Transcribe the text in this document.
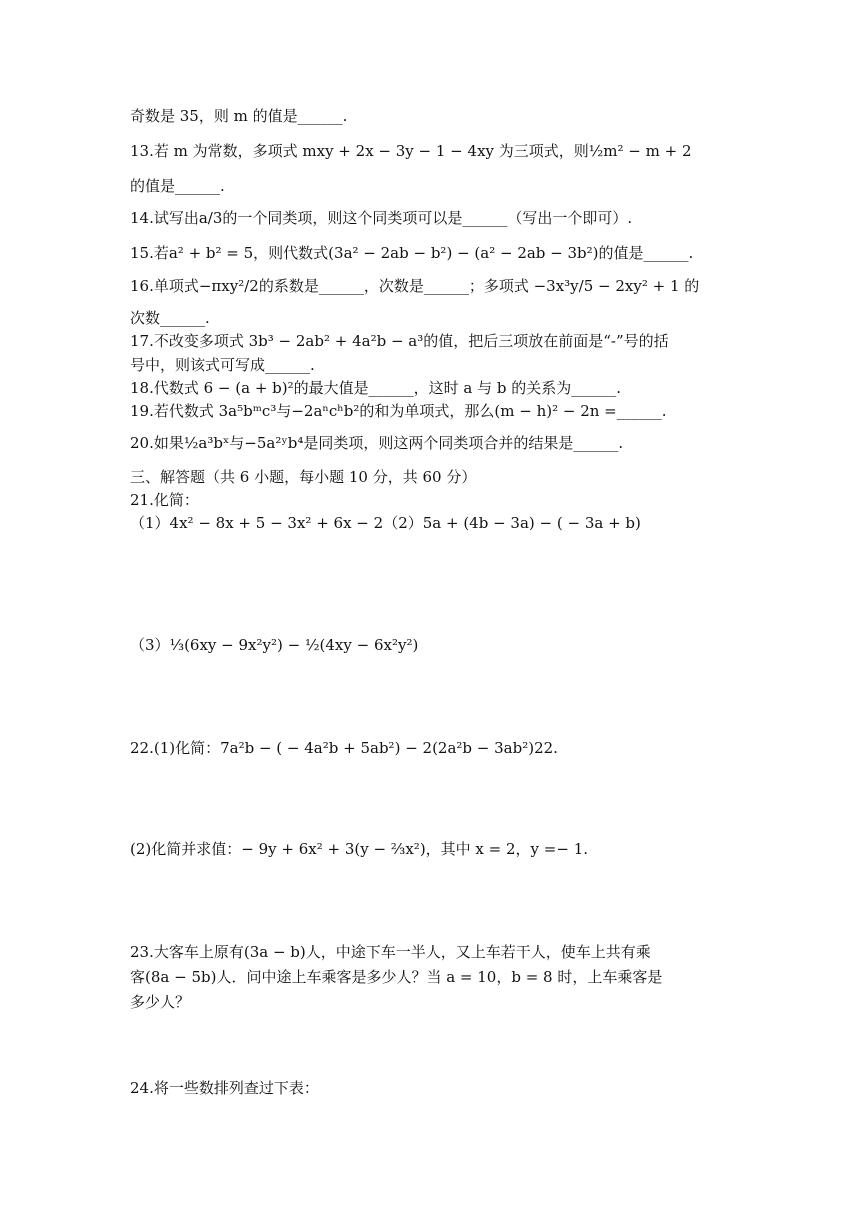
奇数是 35，则 m 的值是______.
13.若 m 为常数，多项式 mxy + 2x − 3y − 1 − 4xy 为三项式，则½m² − m + 2
的值是______.
14.试写出a/3的一个同类项，则这个同类项可以是______（写出一个即可）.
15.若a² + b² = 5，则代数式(3a² − 2ab − b²) − (a² − 2ab − 3b²)的值是______.
16.单项式−πxy²/2的系数是______，次数是______；多项式 −3x³y/5 − 2xy² + 1 的
次数______.
17.不改变多项式 3b³ − 2ab² + 4a²b − a³的值，把后三项放在前面是“-”号的括
号中，则该式可写成______.
18.代数式 6 − (a + b)²的最大值是______，这时 a 与 b 的关系为______.
19.若代数式 3a⁵bᵐc³与−2aⁿcʰb²的和为单项式，那么(m − h)² − 2n =______.
20.如果½a³bˣ与−5a²ʸb⁴是同类项，则这两个同类项合并的结果是______.
三、解答题（共 6 小题，每小题 10 分，共 60 分）
21.化简：
（1）4x² − 8x + 5 − 3x² + 6x − 2（2）5a + (4b − 3a) − ( − 3a + b)
（3）⅓(6xy − 9x²y²) − ½(4xy − 6x²y²)
22.(1)化简：7a²b − ( − 4a²b + 5ab²) − 2(2a²b − 3ab²)22.
(2)化简并求值：− 9y + 6x² + 3(y − ⅔x²)，其中 x = 2，y =− 1.
23.大客车上原有(3a − b)人，中途下车一半人，又上车若干人，使车上共有乘
客(8a − 5b)人．问中途上车乘客是多少人？当 a = 10，b = 8 时，上车乘客是
多少人？
24.将一些数排列查过下表：
